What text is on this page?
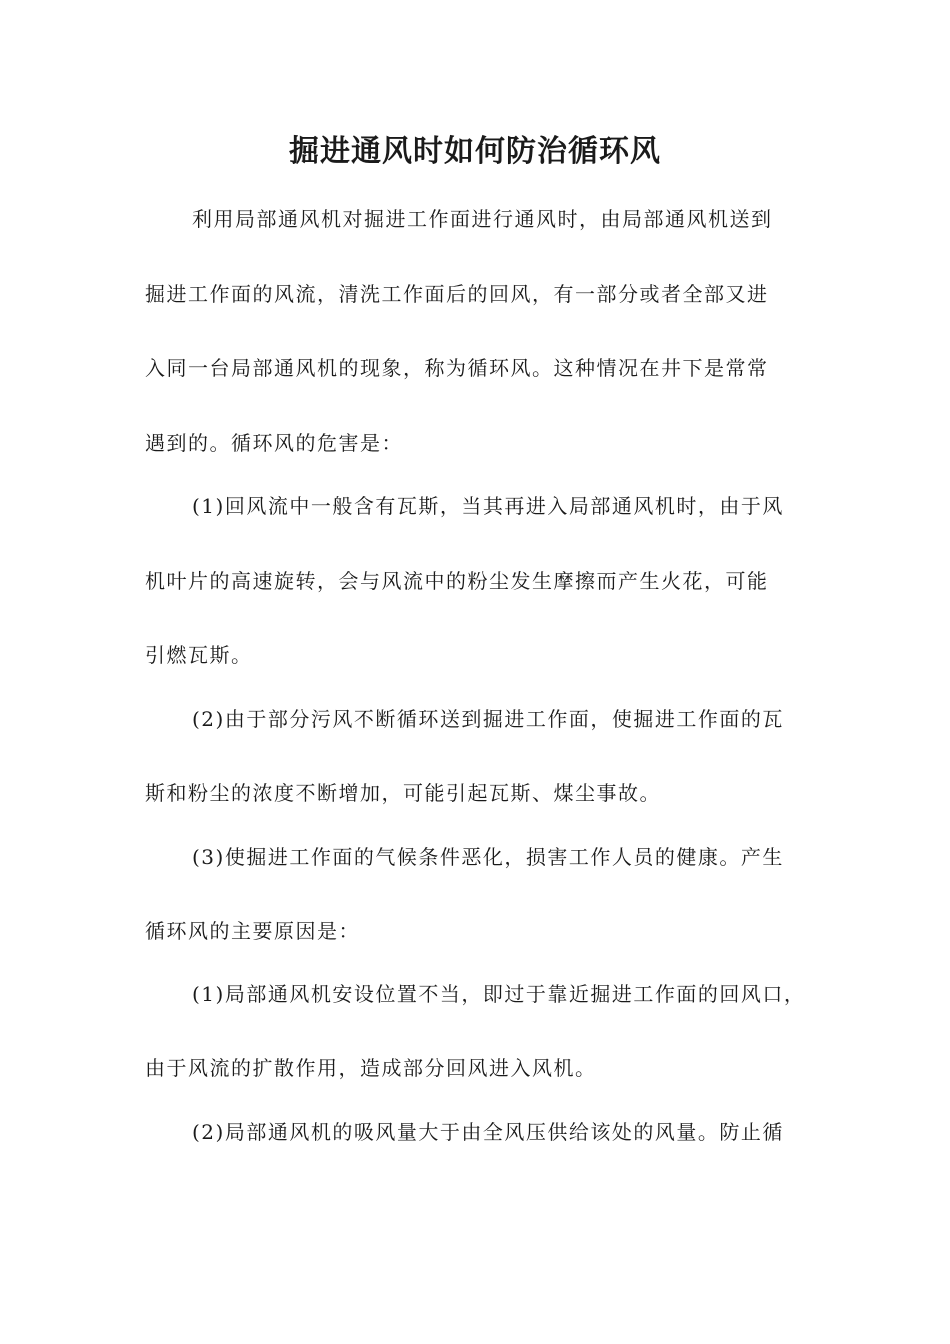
掘进通风时如何防治循环风
利用局部通风机对掘进工作面进行通风时，由局部通风机送到
掘进工作面的风流，清洗工作面后的回风，有一部分或者全部又进
入同一台局部通风机的现象，称为循环风。这种情况在井下是常常
遇到的。循环风的危害是：
(1)回风流中一般含有瓦斯，当其再进入局部通风机时，由于风
机叶片的高速旋转，会与风流中的粉尘发生摩擦而产生火花，可能
引燃瓦斯。
(2)由于部分污风不断循环送到掘进工作面，使掘进工作面的瓦
斯和粉尘的浓度不断增加，可能引起瓦斯、煤尘事故。
(3)使掘进工作面的气候条件恶化，损害工作人员的健康。产生
循环风的主要原因是：
(1)局部通风机安设位置不当，即过于靠近掘进工作面的回风口，
由于风流的扩散作用，造成部分回风进入风机。
(2)局部通风机的吸风量大于由全风压供给该处的风量。防止循
